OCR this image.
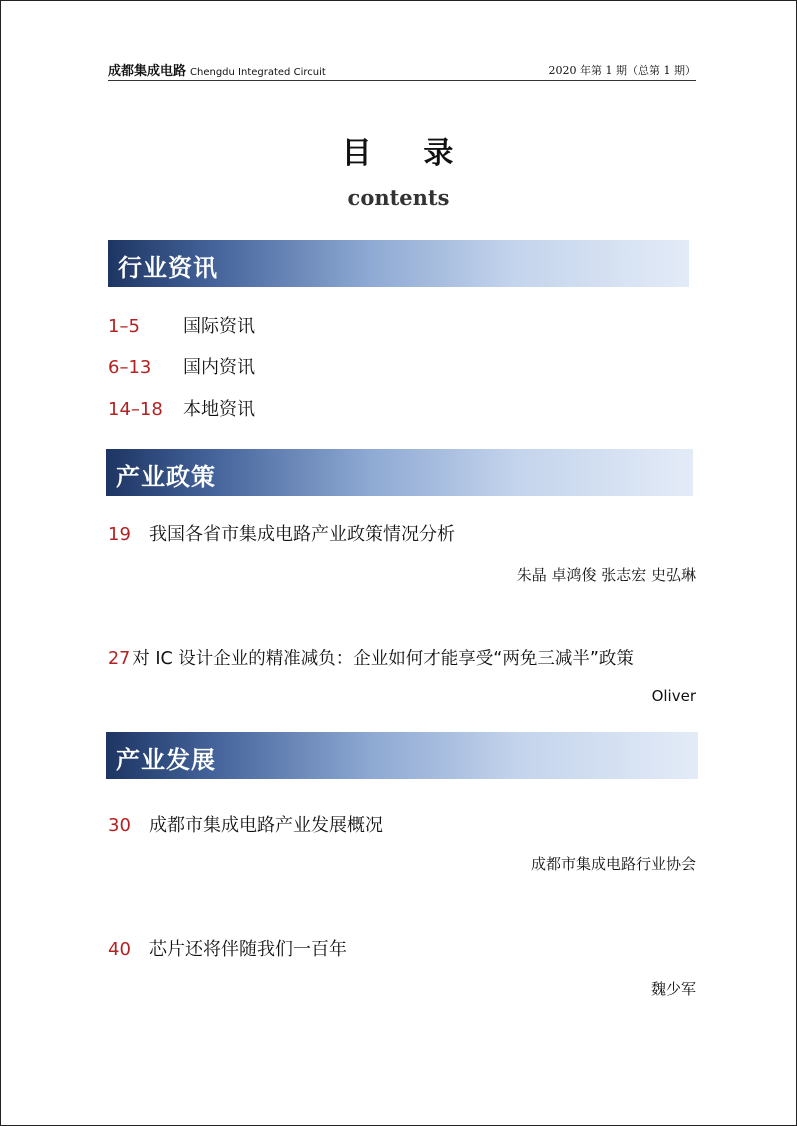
成都集成电路 Chengdu Integrated Circuit	2020 年第 1 期（总第 1 期）
目    录
contents
行业资讯
1–5 国际资讯
6–13 国内资讯
14–18 本地资讯
产业政策
19 我国各省市集成电路产业政策情况分析
朱晶 卓鸿俊 张志宏 史弘琳
27 对 IC 设计企业的精准减负：企业如何才能享受“两免三减半”政策
Oliver
产业发展
30 成都市集成电路产业发展概况
成都市集成电路行业协会
40 芯片还将伴随我们一百年
魏少军
